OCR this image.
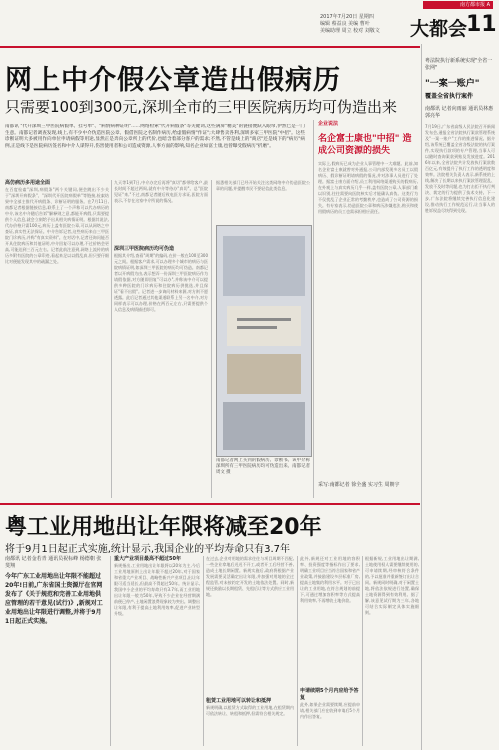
南方都市报 A
2017年7月20日 星期四
编辑 蔡益良 美编 曹叶
美编助理 周立 校对 刘敬文 大都会
11
网上中介假公章造出假病历
只需要100到300元,深圳全市的三甲医院病历均可伪造出来
南都讯 "代开深圳三甲医院病假单、挂号单"、"病情病种证明"……网络检索"代开病假条"等关键词,这些满屏"精美"的链接便跃入眼帘,伊然已是一门生意。南都记者调查发现,线上,有不少中介伪造医院公章、假借医院之名制作病历,给虚假病情"作证";大肆售卖各利,深圳多家三甲医院"中招"。这些诊断证明大多被用作向单位申请病假等用途,显然正是奔向公章所上的代价,也暗含着部分客户的需求;不然,不管是线上的"商店"还是线下的"病历"病例,正是线下是医院病历签名和中介人谋得开,伤害使用者和公司造成资源,人事方面的影响,知名企业如富士康,也曾曝受假病历"折磨"。
高仿病历多用途全面
在百度检索"深圳,病假条"两个关键词,便会跳出不少关于"深圳开病假条"、"深圳代开医院病假单"等链接,检索结果中全部主推代开病假条、诊断证明的服务。在7月11日,南都记者根据链接信息,联系上了一个声称可以代办病历的中介,该名中介随后告诉"解释则之意,都能开病假,只需要提供个人信息,就会立刻给予出具相关病情证明。根据其说法,代办价格只需100元,病历上盖有医院公章,可以从网络之中查证,真实性无法保证。中介告诉记者,这些病历来自三甲医院门诊病历,并称"有真实资料"。在对话中,记者还询问能否开具住院病历和其他证明,中介回复可以办理,不过价格会更高,可能达到三百元左右。记者此前注意到,网络上流传的病历多附有医院的公章印迹,看起来足以以假乱真,但只要仔细比对便能发现其中的疏漏之处。
九天等1到7日,中介办完后再将"真切"都带给客户,最长时间不超过两周,就有中介等待办"真切"。总"医院见证"来,"不过,南都记者随后致电医方求证,医院方面表示,不存在这家中介所说的情况。
深圳三甲医院病历均可伪造
根据其介绍,查看"周期"的编码,在价一般在100至300元之间。根据客户需求,可以办理多个城市的病历与医院病情证明,如深圳三甲医院的病历均可伪造。南都记者以开病假为由,表示想弄一份深圳三甲医院病历作为请假依据,对方随即回复"可以办",并称该中介可以提供多种医院的门诊病历和住院病历供挑选,并且保证"看不出假"。记者进一步询问材料来源,对方则不愿透露。此后记者通过其他渠道联系上另一名中介,对方同样表示可以办理,价格在两百元左右,只需要提供个人信息及病情描述即可。
南都记者网上买到的假病历、诊断书。该中介称深圳所有三甲医院病历均可伪造出来。南都记者 周文 摄
据悉相关部门已经开始关注这类网络中介伪造医院公章的问题,并提醒市民不要轻信此类信息。
企业说法
名企富士康也"中招" 造成公司资源的损失
实际上,假病历已成为企业人事管理中一大难题。此前,知名企业富士康就曾对外通报,公司内部发现多名员工以假病历、假诊断证明请病假的情况,并对涉事人员进行了处理。据富士康方面介绍,员工利用网络渠道购买的假病历,在外观上与真实病历几乎一样,盖有医院公章,人事部门难以识别,往往需要向医院核实后才能确认真伪。这类行为不仅扰乱了企业正常的考勤秩序,也造成了公司资源的损失。有专家表示,伪造医院公章和病历涉嫌违法,购买和使用假病历的员工也需承担相应责任。
采写:南都记者 徐全盛 实习生 周朝宇
粤法院执行新系统实现"全省一张网"
"一案一账户"
覆盖全省执行案件
南都讯 记者向雨丽 通讯员林惠 郭亮华
7月19日,广东省高级人民法院召开新闻发布会,通报全省法院执行案款管理系统及"一案一账户"工作的推进情况。据介绍,该系统已覆盖全省各级法院的执行案件,实现执行款项的专户管理,当事人可以随时查询案款到账及发放进度。2016年以来,全省法院共计发放执行案款数百亿元,有效提升了执行工作的透明度和效率。法院相关负责人表示,新系统的上线,解决了长期以来执行案款管理混乱、发放不及时等问题,也为打击拒不执行判决、裁定的行为提供了技术支持。下一步,广东法院将继续完善执行信息化建设,推动执行工作规范运行,让当事人的胜诉权益尽快得到兑现。
粤工业用地出让年限将减至20年
将于9月1日起正式实施,统计显示,我国企业的平均寿命只有3.7年
南都讯 记者金若青 通讯员祝标峰 杨德朝 张斐翔
今年广东工业用地出让年限不能超过20年!日前,广东省国土资源厅在官网发布了《关于规范和完善工业用地供应管理的若干意见(试行)》,新规对工业用地出让年限进行调整,并将于9月1日起正式实施。
重大产业项目最高不超过50年
新规指出,工业用地出让年限将以20年为主,今后工业用地原则上出让年限不超过20年,对于国家和省重大产业项目、战略性新兴产业项目,出让年限可适当延长,但最高不得超过50年。统计显示,我国中小企业的平均寿命只有3.7年,而工业用地出让年限一般为50年,导致不少企业在经营期满前便已停产,土地闲置浪费现象较为突出。调整出让年限,有利于提高土地利用效率,促进产业转型升级。
在过去,企业对用地的需求往往与项目周期不匹配,一些企业拿地后迟迟不开工,或者开工后经营不善,造成土地长期闲置。新规实施后,政府将根据产业发展需要灵活确定出让年限,并加强对用地的全过程监管,对未按约定开发的土地依法处置。同时,新规还鼓励以长期租赁、先租后让等方式供应工业用地。
租赁工业用地可以转让和抵押
新规明确,以租赁方式取得的工业用地,在租赁期内可依法转让、转租和抵押,但需符合相关规定。
此外,新规还对工业用地的容积率、投资强度等指标作出了要求,明确工业项目应当符合国家和省产业政策,并鼓励建设多层标准厂房,提高土地集约利用水平。对于已出让的工业用地,在符合规划的前提下,可通过增加容积率等方式提高利用效率,不再增收土地价款。
申请续期5个月内应给予答复
此外,如果企业需要续期,应提前申请,相关部门应在收到申请后5个月内作出答复。
根据新规,工业用地出让期满,土地使用权人需要继续使用的,可申请续期,经审核符合条件的,予以批准并重新签订出让合同。新规同时明确,对于闲置土地,将依法依规进行处置,确保土地资源得到有效利用。据了解,该意见试行期为三年,各地可结合实际制定具体实施细则。
